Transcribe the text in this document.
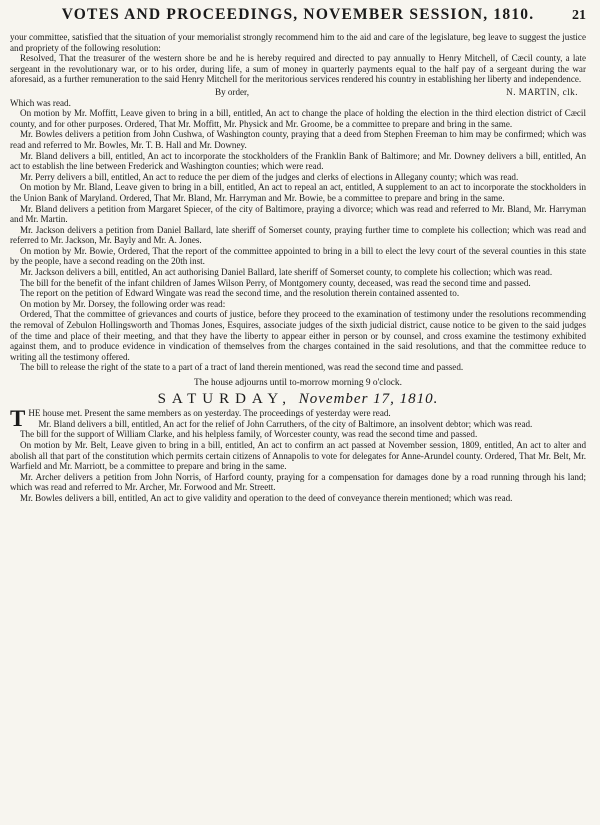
VOTES AND PROCEEDINGS, NOVEMBER SESSION, 1810.	21

your committee, satisfied that the situation of your memorialist strongly recommend him to the aid and care of the legislature, beg leave to suggest the justice and propriety of the following resolution:

Resolved, That the treasurer of the western shore be and he is hereby required and directed to pay annually to Henry Mitchell, of Cæcil county, a late sergeant in the revolutionary war, or to his order, during life, a sum of money in quarterly payments equal to the half pay of a sergeant during the war aforesaid, as a further remuneration to the said Henry Mitchell for the meritorious services rendered his country in establishing her liberty and independence.

By order,	N. MARTIN, clk.

Which was read.

On motion by Mr. Moffitt, Leave given to bring in a bill, entitled, An act to change the place of holding the election in the third election district of Cæcil county, and for other purposes. Ordered, That Mr. Moffitt, Mr. Physick and Mr. Groome, be a committee to prepare and bring in the same.

Mr. Bowles delivers a petition from John Cushwa, of Washington county, praying that a deed from Stephen Freeman to him may be confirmed; which was read and referred to Mr. Bowles, Mr. T. B. Hall and Mr. Downey.

Mr. Bland delivers a bill, entitled, An act to incorporate the stockholders of the Franklin Bank of Baltimore; and Mr. Downey delivers a bill, entitled, An act to establish the line between Frederick and Washington counties; which were read.

Mr. Perry delivers a bill, entitled, An act to reduce the per diem of the judges and clerks of elections in Allegany county; which was read.

On motion by Mr. Bland, Leave given to bring in a bill, entitled, An act to repeal an act, entitled, A supplement to an act to incorporate the stockholders in the Union Bank of Maryland. Ordered, That Mr. Bland, Mr. Harryman and Mr. Bowie, be a committee to prepare and bring in the same.

Mr. Bland delivers a petition from Margaret Spiecer, of the city of Baltimore, praying a divorce; which was read and referred to Mr. Bland, Mr. Harryman and Mr. Martin.

Mr. Jackson delivers a petition from Daniel Ballard, late sheriff of Somerset county, praying further time to complete his collection; which was read and referred to Mr. Jackson, Mr. Bayly and Mr. A. Jones.

On motion by Mr. Bowie, Ordered, That the report of the committee appointed to bring in a bill to elect the levy court of the several counties in this state by the people, have a second reading on the 20th inst.

Mr. Jackson delivers a bill, entitled, An act authorising Daniel Ballard, late sheriff of Somerset county, to complete his collection; which was read.

The bill for the benefit of the infant children of James Wilson Perry, of Montgomery county, deceased, was read the second time and passed.

The report on the petition of Edward Wingate was read the second time, and the resolution therein contained assented to.

On motion by Mr. Dorsey, the following order was read:

Ordered, That the committee of grievances and courts of justice, before they proceed to the examination of testimony under the resolutions recommending the removal of Zebulon Hollingsworth and Thomas Jones, Esquires, associate judges of the sixth judicial district, cause notice to be given to the said judges of the time and place of their meeting, and that they have the liberty to appear either in person or by counsel, and cross examine the testimony exhibited against them, and to produce evidence in vindication of themselves from the charges contained in the said resolutions, and that the committee reduce to writing all the testimony offered.

The bill to release the right of the state to a part of a tract of land therein mentioned, was read the second time and passed.

The house adjourns until to-morrow morning 9 o'clock.
SATURDAY, November 17, 1810.

THE house met. Present the same members as on yesterday. The proceedings of yesterday were read.

Mr. Bland delivers a bill, entitled, An act for the relief of John Carruthers, of the city of Baltimore, an insolvent debtor; which was read.

The bill for the support of William Clarke, and his helpless family, of Worcester county, was read the second time and passed.

On motion by Mr. Belt, Leave given to bring in a bill, entitled, An act to confirm an act passed at November session, 1809, entitled, An act to alter and abolish all that part of the constitution which permits certain citizens of Annapolis to vote for delegates for Anne-Arundel county. Ordered, That Mr. Belt, Mr. Warfield and Mr. Marriott, be a committee to prepare and bring in the same.

Mr. Archer delivers a petition from John Norris, of Harford county, praying for a compensation for damages done by a road running through his land; which was read and referred to Mr. Archer, Mr. Forwood and Mr. Streett.

Mr. Bowles delivers a bill, entitled, An act to give validity and operation to the deed of conveyance therein mentioned; which was read.
